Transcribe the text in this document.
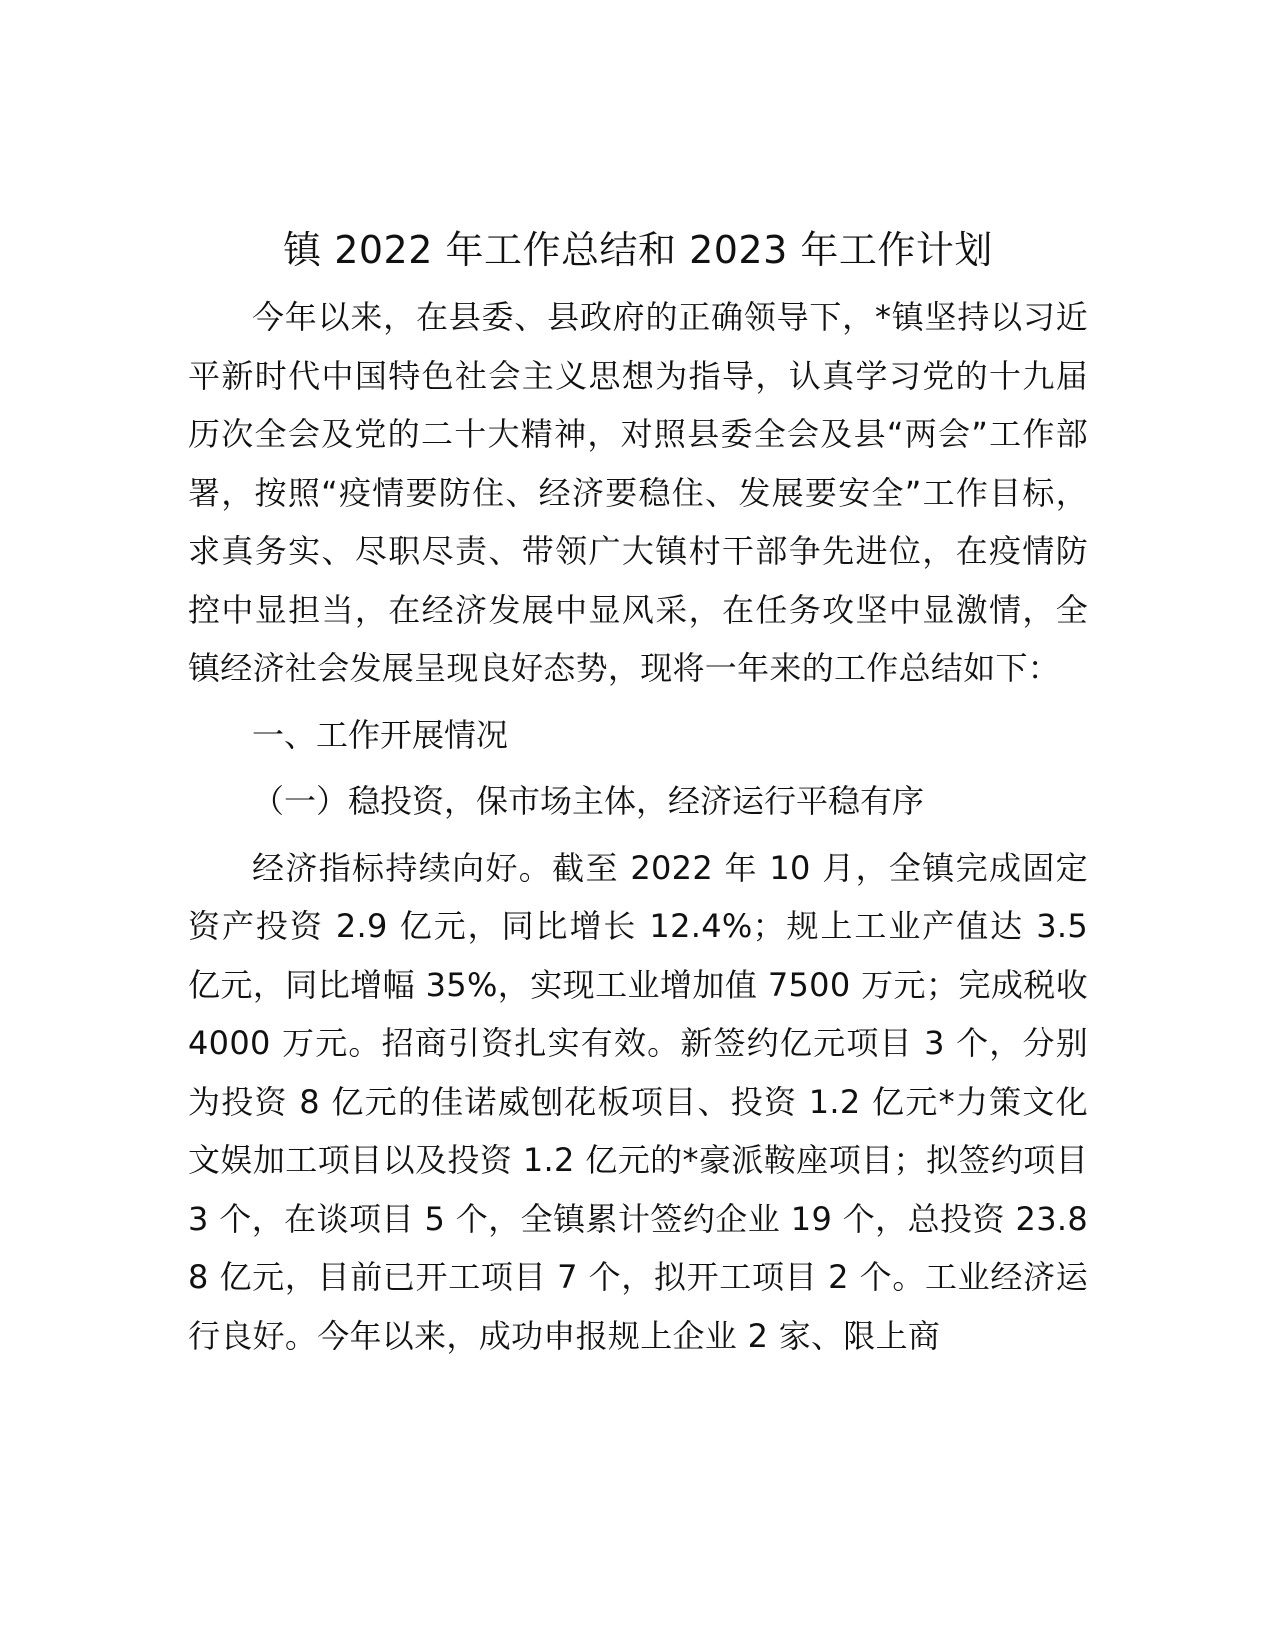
镇 2022 年工作总结和 2023 年工作计划

今年以来，在县委、县政府的正确领导下，*镇坚持以习近平新时代中国特色社会主义思想为指导，认真学习党的十九届历次全会及党的二十大精神，对照县委全会及县“两会”工作部署，按照“疫情要防住、经济要稳住、发展要安全”工作目标，求真务实、尽职尽责、带领广大镇村干部争先进位，在疫情防控中显担当，在经济发展中显风采，在任务攻坚中显激情，全镇经济社会发展呈现良好态势，现将一年来的工作总结如下：

一、工作开展情况
（一）稳投资，保市场主体，经济运行平稳有序

经济指标持续向好。截至 2022 年 10 月，全镇完成固定资产投资 2.9 亿元，同比增长 12.4%；规上工业产值达 3.5 亿元，同比增幅 35%，实现工业增加值 7500 万元；完成税收 4000 万元。招商引资扎实有效。新签约亿元项目 3 个，分别为投资 8 亿元的佳诺威刨花板项目、投资 1.2 亿元*力策文化文娱加工项目以及投资 1.2 亿元的*豪派鞍座项目；拟签约项目 3 个，在谈项目 5 个，全镇累计签约企业 19 个，总投资 23.88 亿元，目前已开工项目 7 个，拟开工项目 2 个。工业经济运行良好。今年以来，成功申报规上企业 2 家、限上商
